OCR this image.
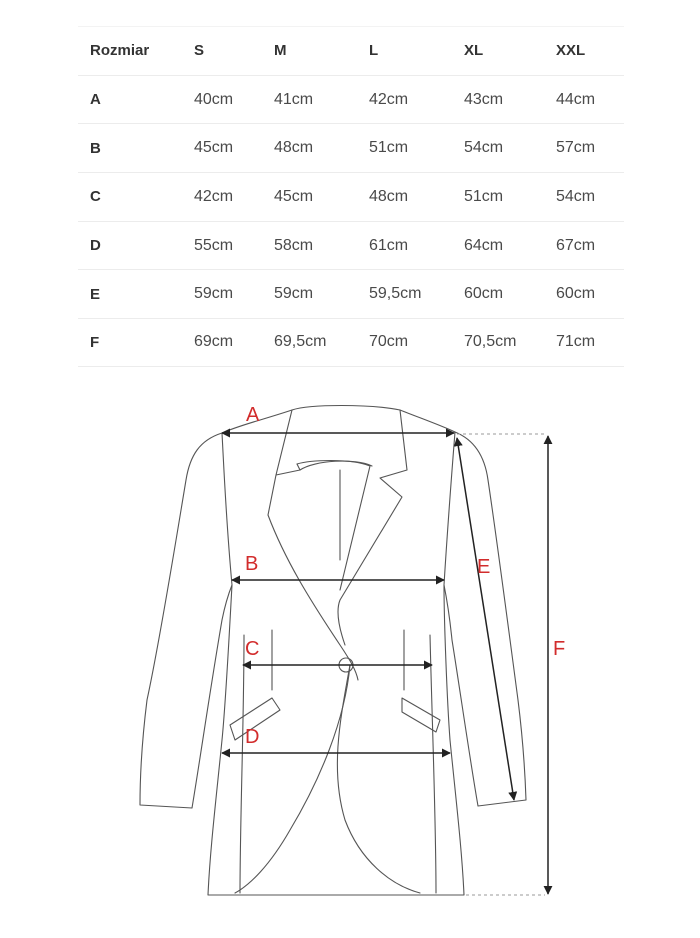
Rozmiar	S	M	L	XL	XXL
A	40cm	41cm	42cm	43cm	44cm
B	45cm	48cm	51cm	54cm	57cm
C	42cm	45cm	48cm	51cm	54cm
D	55cm	58cm	61cm	64cm	67cm
E	59cm	59cm	59,5cm	60cm	60cm
F	69cm	69,5cm	70cm	70,5cm 71cm
A
B
C
D
E
F
